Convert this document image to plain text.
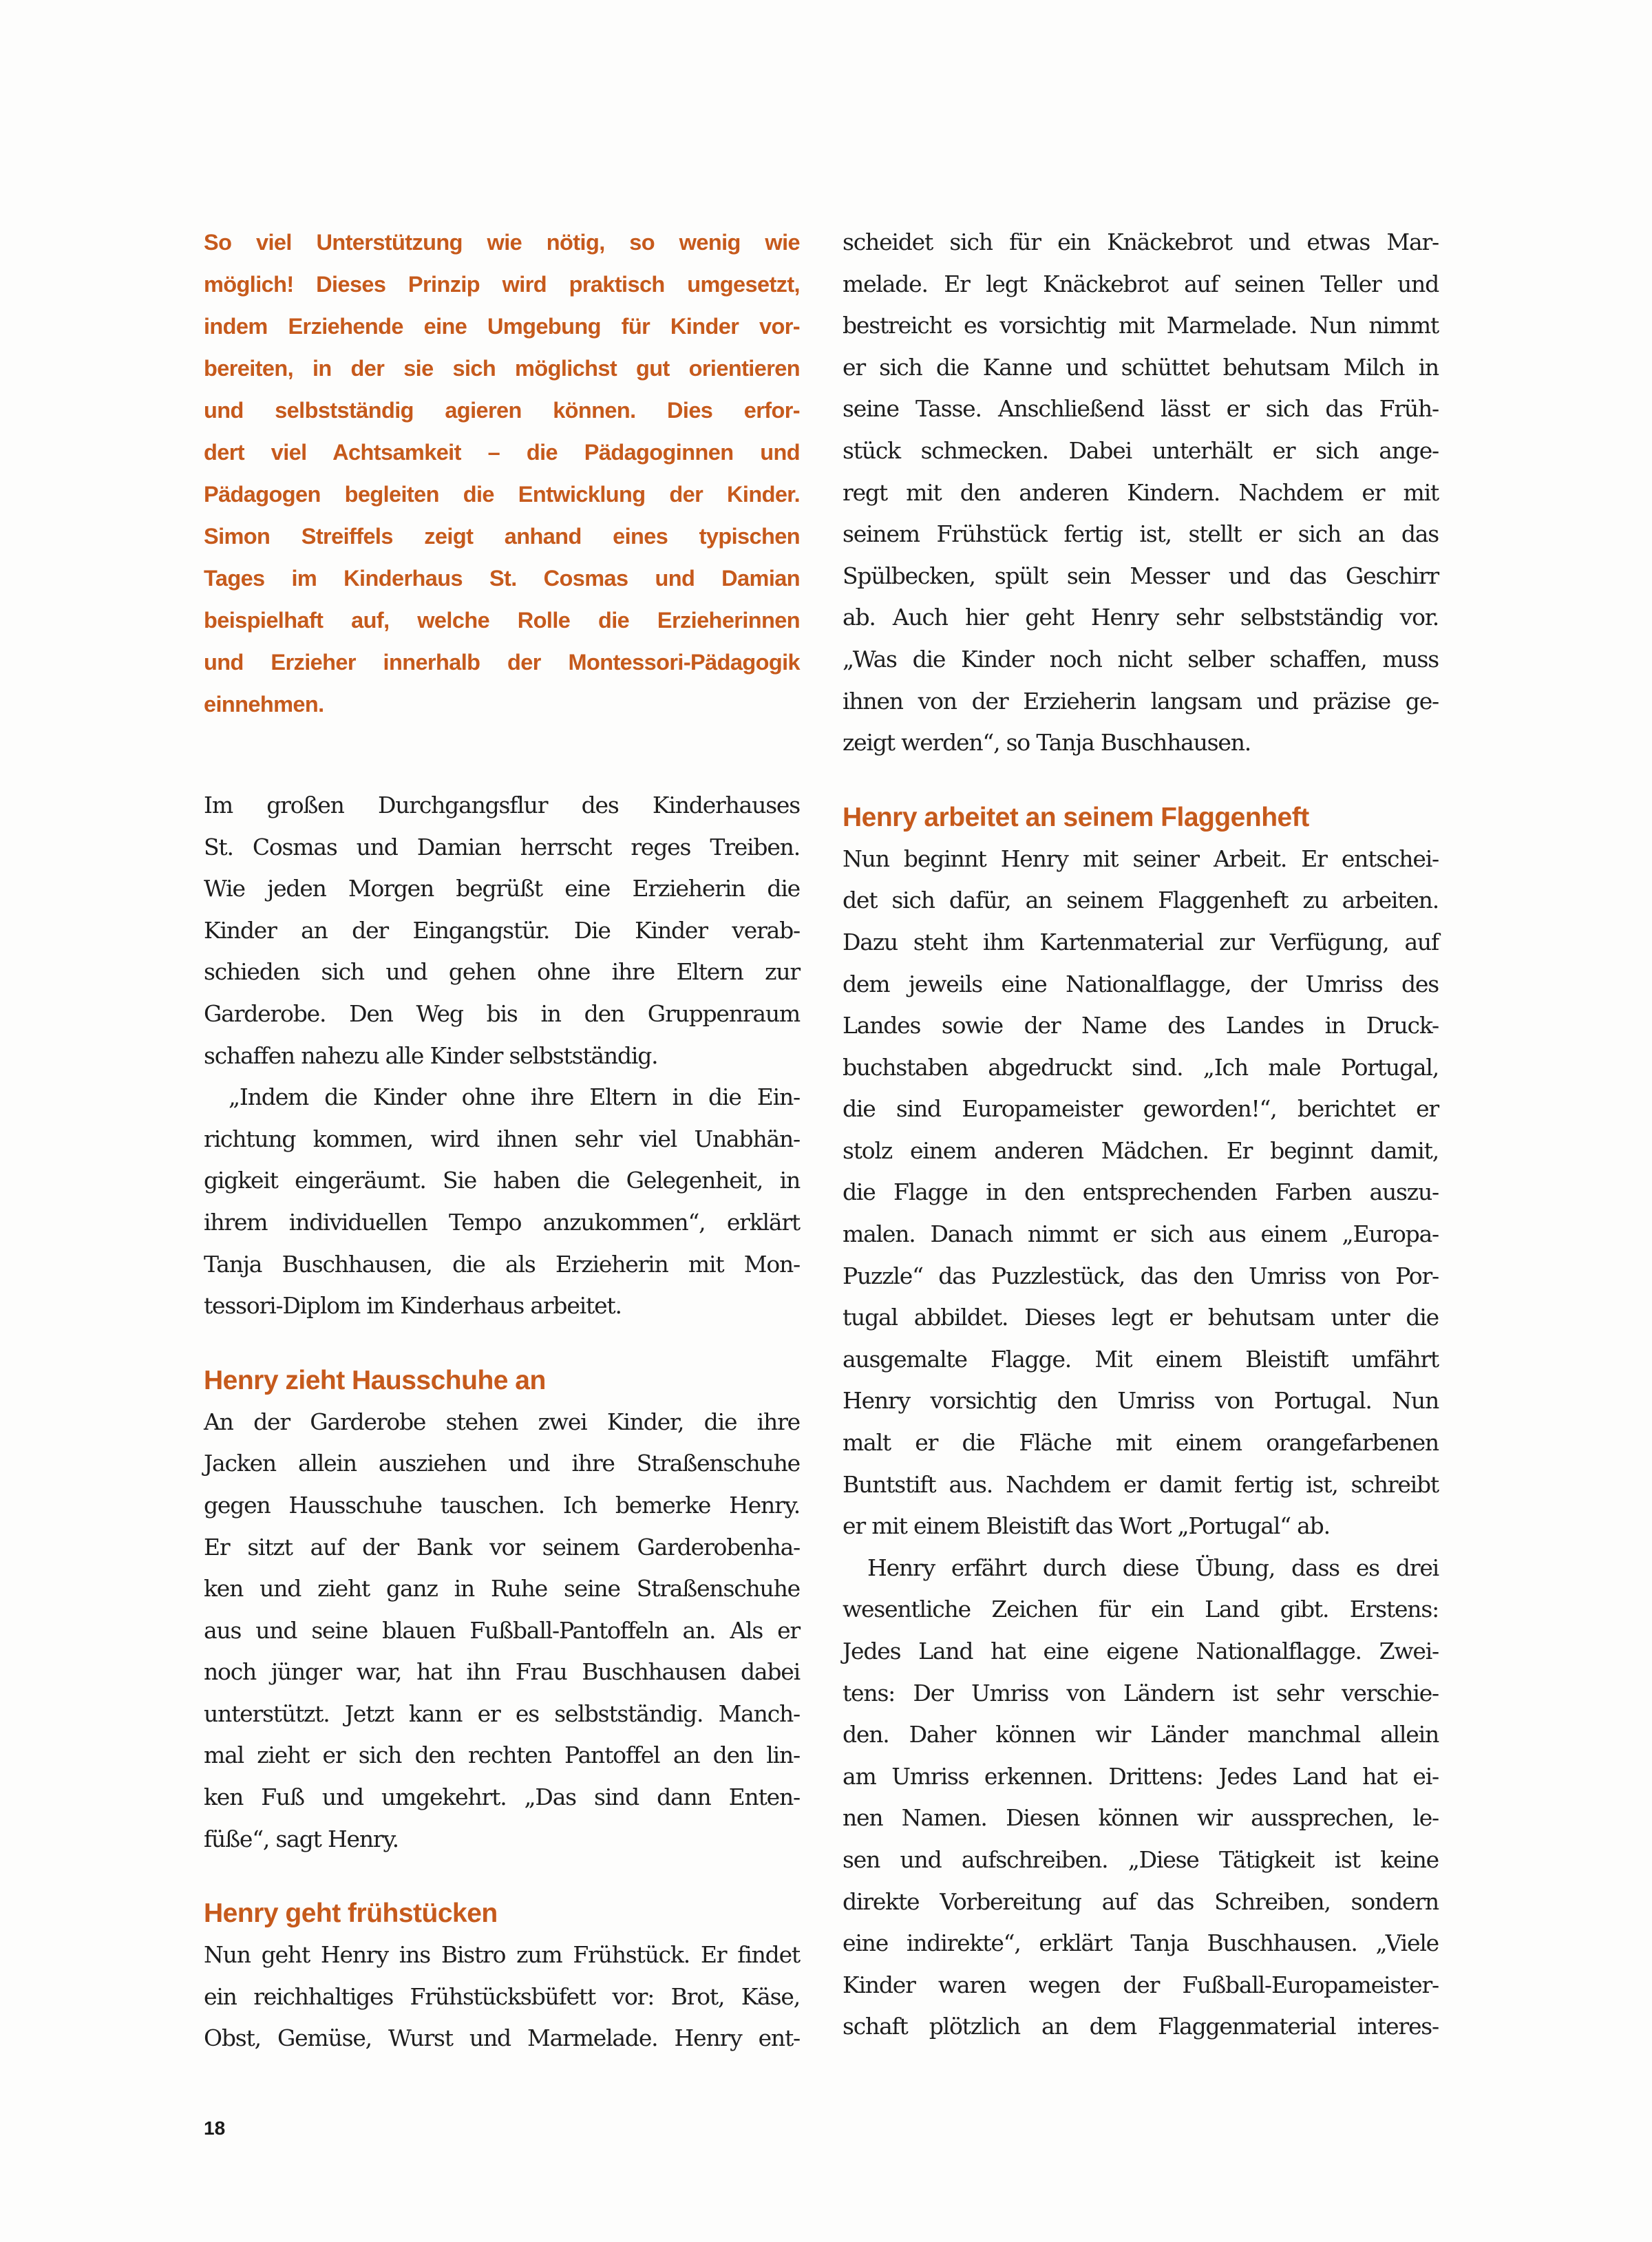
So viel Unterstützung wie nötig, so wenig wie
möglich! Dieses Prinzip wird praktisch umgesetzt,
indem Erziehende eine Umgebung für Kinder vor-
bereiten, in der sie sich möglichst gut orientieren
und selbstständig agieren können. Dies erfor-
dert viel Achtsamkeit – die Pädagoginnen und
Pädagogen begleiten die Entwicklung der Kinder.
Simon Streiffels zeigt anhand eines typischen
Tages im Kinderhaus St. Cosmas und Damian
beispielhaft auf, welche Rolle die Erzieherinnen
und Erzieher innerhalb der Montessori-Pädagogik
einnehmen.

Im großen Durchgangsflur des Kinderhauses
St. Cosmas und Damian herrscht reges Treiben.
Wie jeden Morgen begrüßt eine Erzieherin die
Kinder an der Eingangstür. Die Kinder verab-
schieden sich und gehen ohne ihre Eltern zur
Garderobe. Den Weg bis in den Gruppenraum
schaffen nahezu alle Kinder selbstständig.

„Indem die Kinder ohne ihre Eltern in die Ein-
richtung kommen, wird ihnen sehr viel Unabhän-
gigkeit eingeräumt. Sie haben die Gelegenheit, in
ihrem individuellen Tempo anzukommen“, erklärt
Tanja Buschhausen, die als Erzieherin mit Mon-
tessori-Diplom im Kinderhaus arbeitet.

Henry zieht Hausschuhe an

An der Garderobe stehen zwei Kinder, die ihre
Jacken allein ausziehen und ihre Straßenschuhe
gegen Hausschuhe tauschen. Ich bemerke Henry.
Er sitzt auf der Bank vor seinem Garderobenha-
ken und zieht ganz in Ruhe seine Straßenschuhe
aus und seine blauen Fußball-Pantoffeln an. Als er
noch jünger war, hat ihn Frau Buschhausen dabei
unterstützt. Jetzt kann er es selbstständig. Manch-
mal zieht er sich den rechten Pantoffel an den lin-
ken Fuß und umgekehrt. „Das sind dann Enten-
füße“, sagt Henry.

Henry geht frühstücken

Nun geht Henry ins Bistro zum Frühstück. Er findet
ein reichhaltiges Frühstücksbüfett vor: Brot, Käse,
Obst, Gemüse, Wurst und Marmelade. Henry ent-

scheidet sich für ein Knäckebrot und etwas Mar-
melade. Er legt Knäckebrot auf seinen Teller und
bestreicht es vorsichtig mit Marmelade. Nun nimmt
er sich die Kanne und schüttet behutsam Milch in
seine Tasse. Anschließend lässt er sich das Früh-
stück schmecken. Dabei unterhält er sich ange-
regt mit den anderen Kindern. Nachdem er mit
seinem Frühstück fertig ist, stellt er sich an das
Spülbecken, spült sein Messer und das Geschirr
ab. Auch hier geht Henry sehr selbstständig vor.
„Was die Kinder noch nicht selber schaffen, muss
ihnen von der Erzieherin langsam und präzise ge-
zeigt werden“, so Tanja Buschhausen.

Henry arbeitet an seinem Flaggenheft

Nun beginnt Henry mit seiner Arbeit. Er entschei-
det sich dafür, an seinem Flaggenheft zu arbeiten.
Dazu steht ihm Kartenmaterial zur Verfügung, auf
dem jeweils eine Nationalflagge, der Umriss des
Landes sowie der Name des Landes in Druck-
buchstaben abgedruckt sind. „Ich male Portugal,
die sind Europameister geworden!“, berichtet er
stolz einem anderen Mädchen. Er beginnt damit,
die Flagge in den entsprechenden Farben auszu-
malen. Danach nimmt er sich aus einem „Europa-
Puzzle“ das Puzzlestück, das den Umriss von Por-
tugal abbildet. Dieses legt er behutsam unter die
ausgemalte Flagge. Mit einem Bleistift umfährt
Henry vorsichtig den Umriss von Portugal. Nun
malt er die Fläche mit einem orangefarbenen
Buntstift aus. Nachdem er damit fertig ist, schreibt
er mit einem Bleistift das Wort „Portugal“ ab.

Henry erfährt durch diese Übung, dass es drei
wesentliche Zeichen für ein Land gibt. Erstens:
Jedes Land hat eine eigene Nationalflagge. Zwei-
tens: Der Umriss von Ländern ist sehr verschie-
den. Daher können wir Länder manchmal allein
am Umriss erkennen. Drittens: Jedes Land hat ei-
nen Namen. Diesen können wir aussprechen, le-
sen und aufschreiben. „Diese Tätigkeit ist keine
direkte Vorbereitung auf das Schreiben, sondern
eine indirekte“, erklärt Tanja Buschhausen. „Viele
Kinder waren wegen der Fußball-Europameister-
schaft plötzlich an dem Flaggenmaterial interes-

18
